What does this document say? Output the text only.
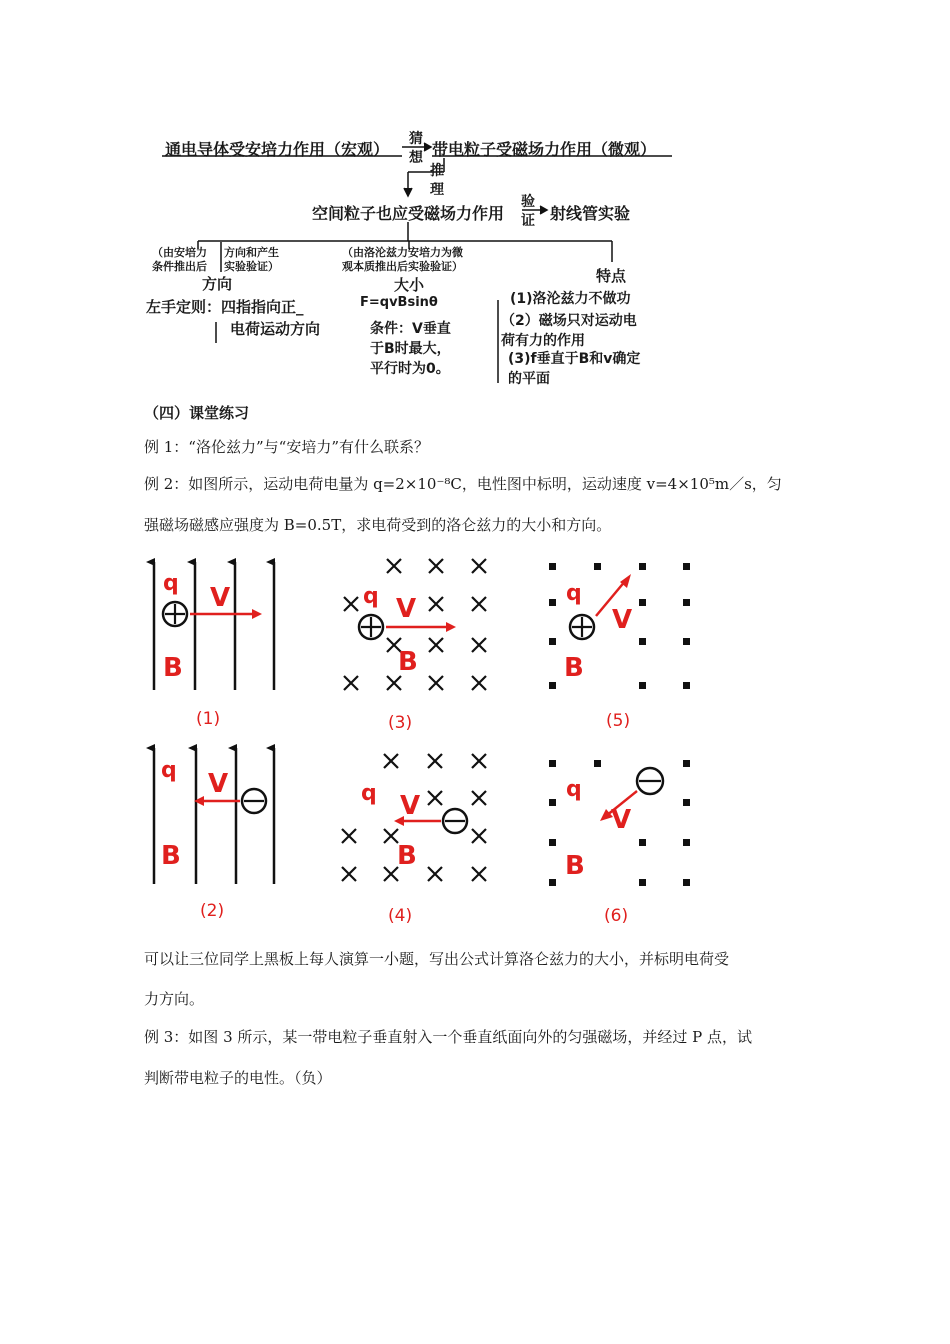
通电导体受安培力作用（宏观）
猜
想 带电粒子受磁场力作用（微观）
推
理
空间粒子也应受磁场力作用
验
证 射线管实验
（由安培力
条件推出后
方向和产生
实验验证）
方向
左手定则：四指指向正_
电荷运动方向
（由洛沦兹力安培力为微
观本质推出后实验验证）
大小
F=qvBsinθ
条件：V垂直
于B时最大，
平行时为0。
特点
(1)洛沦兹力不做功
（2）磁场只对运动电
荷有力的作用
(3)f垂直于B和v确定
的平面
（四）课堂练习
例 1：“洛伦兹力”与“安培力”有什么联系？
例 2：如图所示，运动电荷电量为 q=2×10⁻⁸C，电性图中标明，运动速度 v=4×10⁵m／s，匀
强磁场磁感应强度为 B=0.5T，求电荷受到的洛仑兹力的大小和方向。
q V
B
(1)
q V
B
(2)
q V
B
(3)
q V
B
(4)
q
V
B
(5)
q
V
B
(6)
可以让三位同学上黑板上每人演算一小题，写出公式计算洛仑兹力的大小，并标明电荷受
力方向。
例 3：如图 3 所示，某一带电粒子垂直射入一个垂直纸面向外的匀强磁场，并经过 P 点，试
判断带电粒子的电性。（负）
